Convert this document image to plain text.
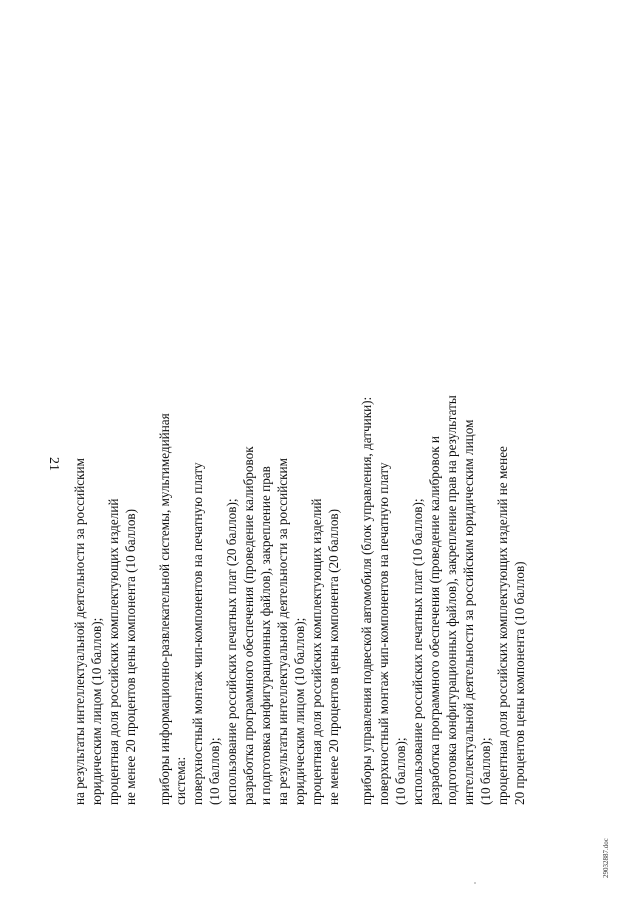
21 на результаты интеллектуальной деятельности за российским юридическим лицом (10 баллов); процентная доля российских комплектующих изделий не менее 20 процентов цены компонента (10 баллов) приборы информационно-развлекательной системы, мультимедийная система: поверхностный монтаж чип-компонентов на печатную плату (10 баллов); использование российских печатных плат (20 баллов); разработка программного обеспечения (проведение калибровок и подготовка конфигурационных файлов), закрепление прав на результаты интеллектуальной деятельности за российским юридическим лицом (10 баллов); процентная доля российских комплектующих изделий не менее 20 процентов цены компонента (20 баллов) приборы управления подвеской автомобиля (блок управления, датчики): поверхностный монтаж чип-компонентов на печатную плату (10 баллов); использование российских печатных плат (10 баллов); разработка программного обеспечения (проведение калибровок и подготовка конфигурационных файлов), закрепление прав на результаты интеллектуальной деятельности за российским юридическим лицом (10 баллов); процентная доля российских комплектующих изделий не менее 20 процентов цены компонента (10 баллов)
29032887.doc
